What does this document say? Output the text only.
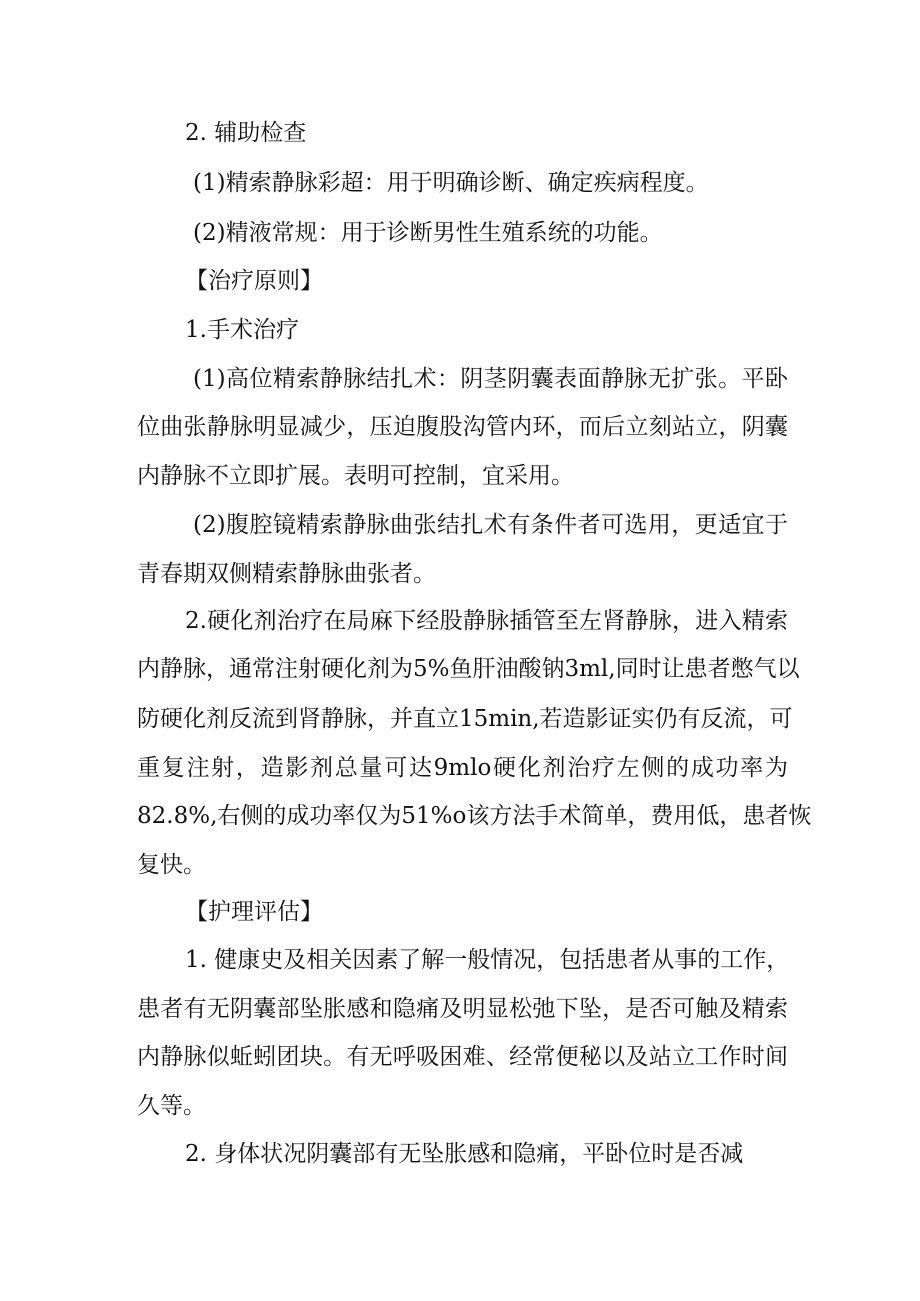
2. 辅助检查
(1)精索静脉彩超：用于明确诊断、确定疾病程度。
(2)精液常规：用于诊断男性生殖系统的功能。
【治疗原则】
1.手术治疗
(1)高位精索静脉结扎术：阴茎阴囊表面静脉无扩张。平卧
位曲张静脉明显减少，压迫腹股沟管内环，而后立刻站立，阴囊
内静脉不立即扩展。表明可控制，宜采用。
(2)腹腔镜精索静脉曲张结扎术有条件者可选用，更适宜于
青春期双侧精索静脉曲张者。
2.硬化剂治疗在局麻下经股静脉插管至左肾静脉，进入精索
内静脉，通常注射硬化剂为5%鱼肝油酸钠3ml,同时让患者憋气以
防硬化剂反流到肾静脉，并直立15min,若造影证实仍有反流，可
重复注射，造影剂总量可达9mlo硬化剂治疗左侧的成功率为
82.8%,右侧的成功率仅为51%o该方法手术简单，费用低，患者恢
复快。
【护理评估】
1. 健康史及相关因素了解一般情况，包括患者从事的工作，
患者有无阴囊部坠胀感和隐痛及明显松弛下坠，是否可触及精索
内静脉似蚯蚓团块。有无呼吸困难、经常便秘以及站立工作时间
久等。
2. 身体状况阴囊部有无坠胀感和隐痛，平卧位时是否减
